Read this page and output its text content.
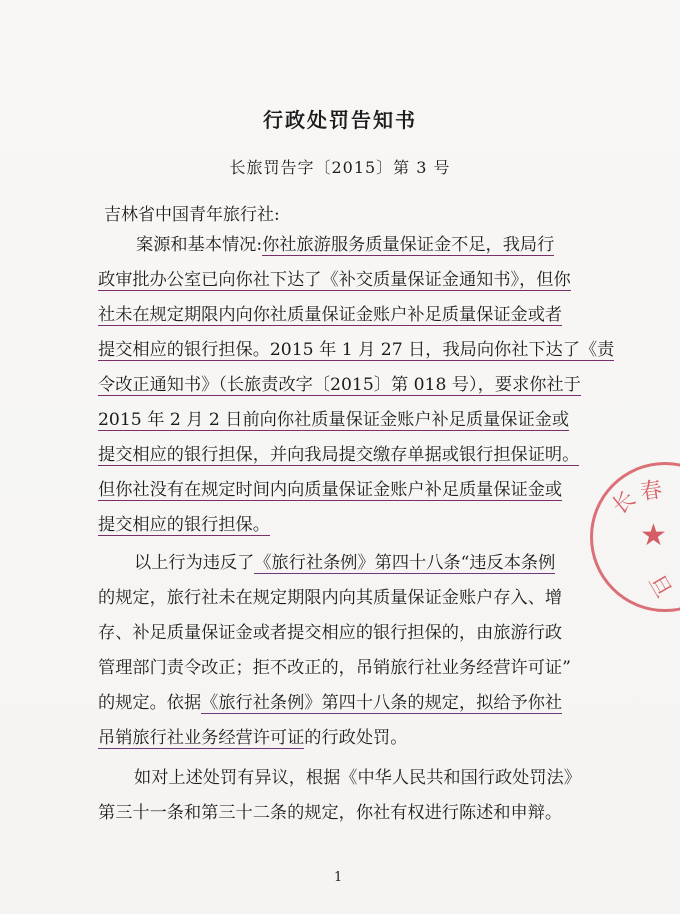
行政处罚告知书
长旅罚告字〔2015〕第 3 号
吉林省中国青年旅行社:
案源和基本情况:你社旅游服务质量保证金不足，我局行
政审批办公室已向你社下达了《补交质量保证金通知书》，但你
社未在规定期限内向你社质量保证金账户补足质量保证金或者
提交相应的银行担保。2015 年 1 月 27 日，我局向你社下达了《责
令改正通知书》（长旅责改字〔2015〕第 018 号），要求你社于
2015 年 2 月 2 日前向你社质量保证金账户补足质量保证金或
提交相应的银行担保，并向我局提交缴存单据或银行担保证明。
但你社没有在规定时间内向质量保证金账户补足质量保证金或
提交相应的银行担保。
以上行为违反了《旅行社条例》第四十八条“违反本条例
的规定，旅行社未在规定期限内向其质量保证金账户存入、增
存、补足质量保证金或者提交相应的银行担保的，由旅游行政
管理部门责令改正；拒不改正的，吊销旅行社业务经营许可证”
的规定。依据《旅行社条例》第四十八条的规定，拟给予你社
吊销旅行社业务经营许可证的行政处罚。
如对上述处罚有异议，根据《中华人民共和国行政处罚法》
第三十一条和第三十二条的规定，你社有权进行陈述和申辩。
1
长
春
★
旦
